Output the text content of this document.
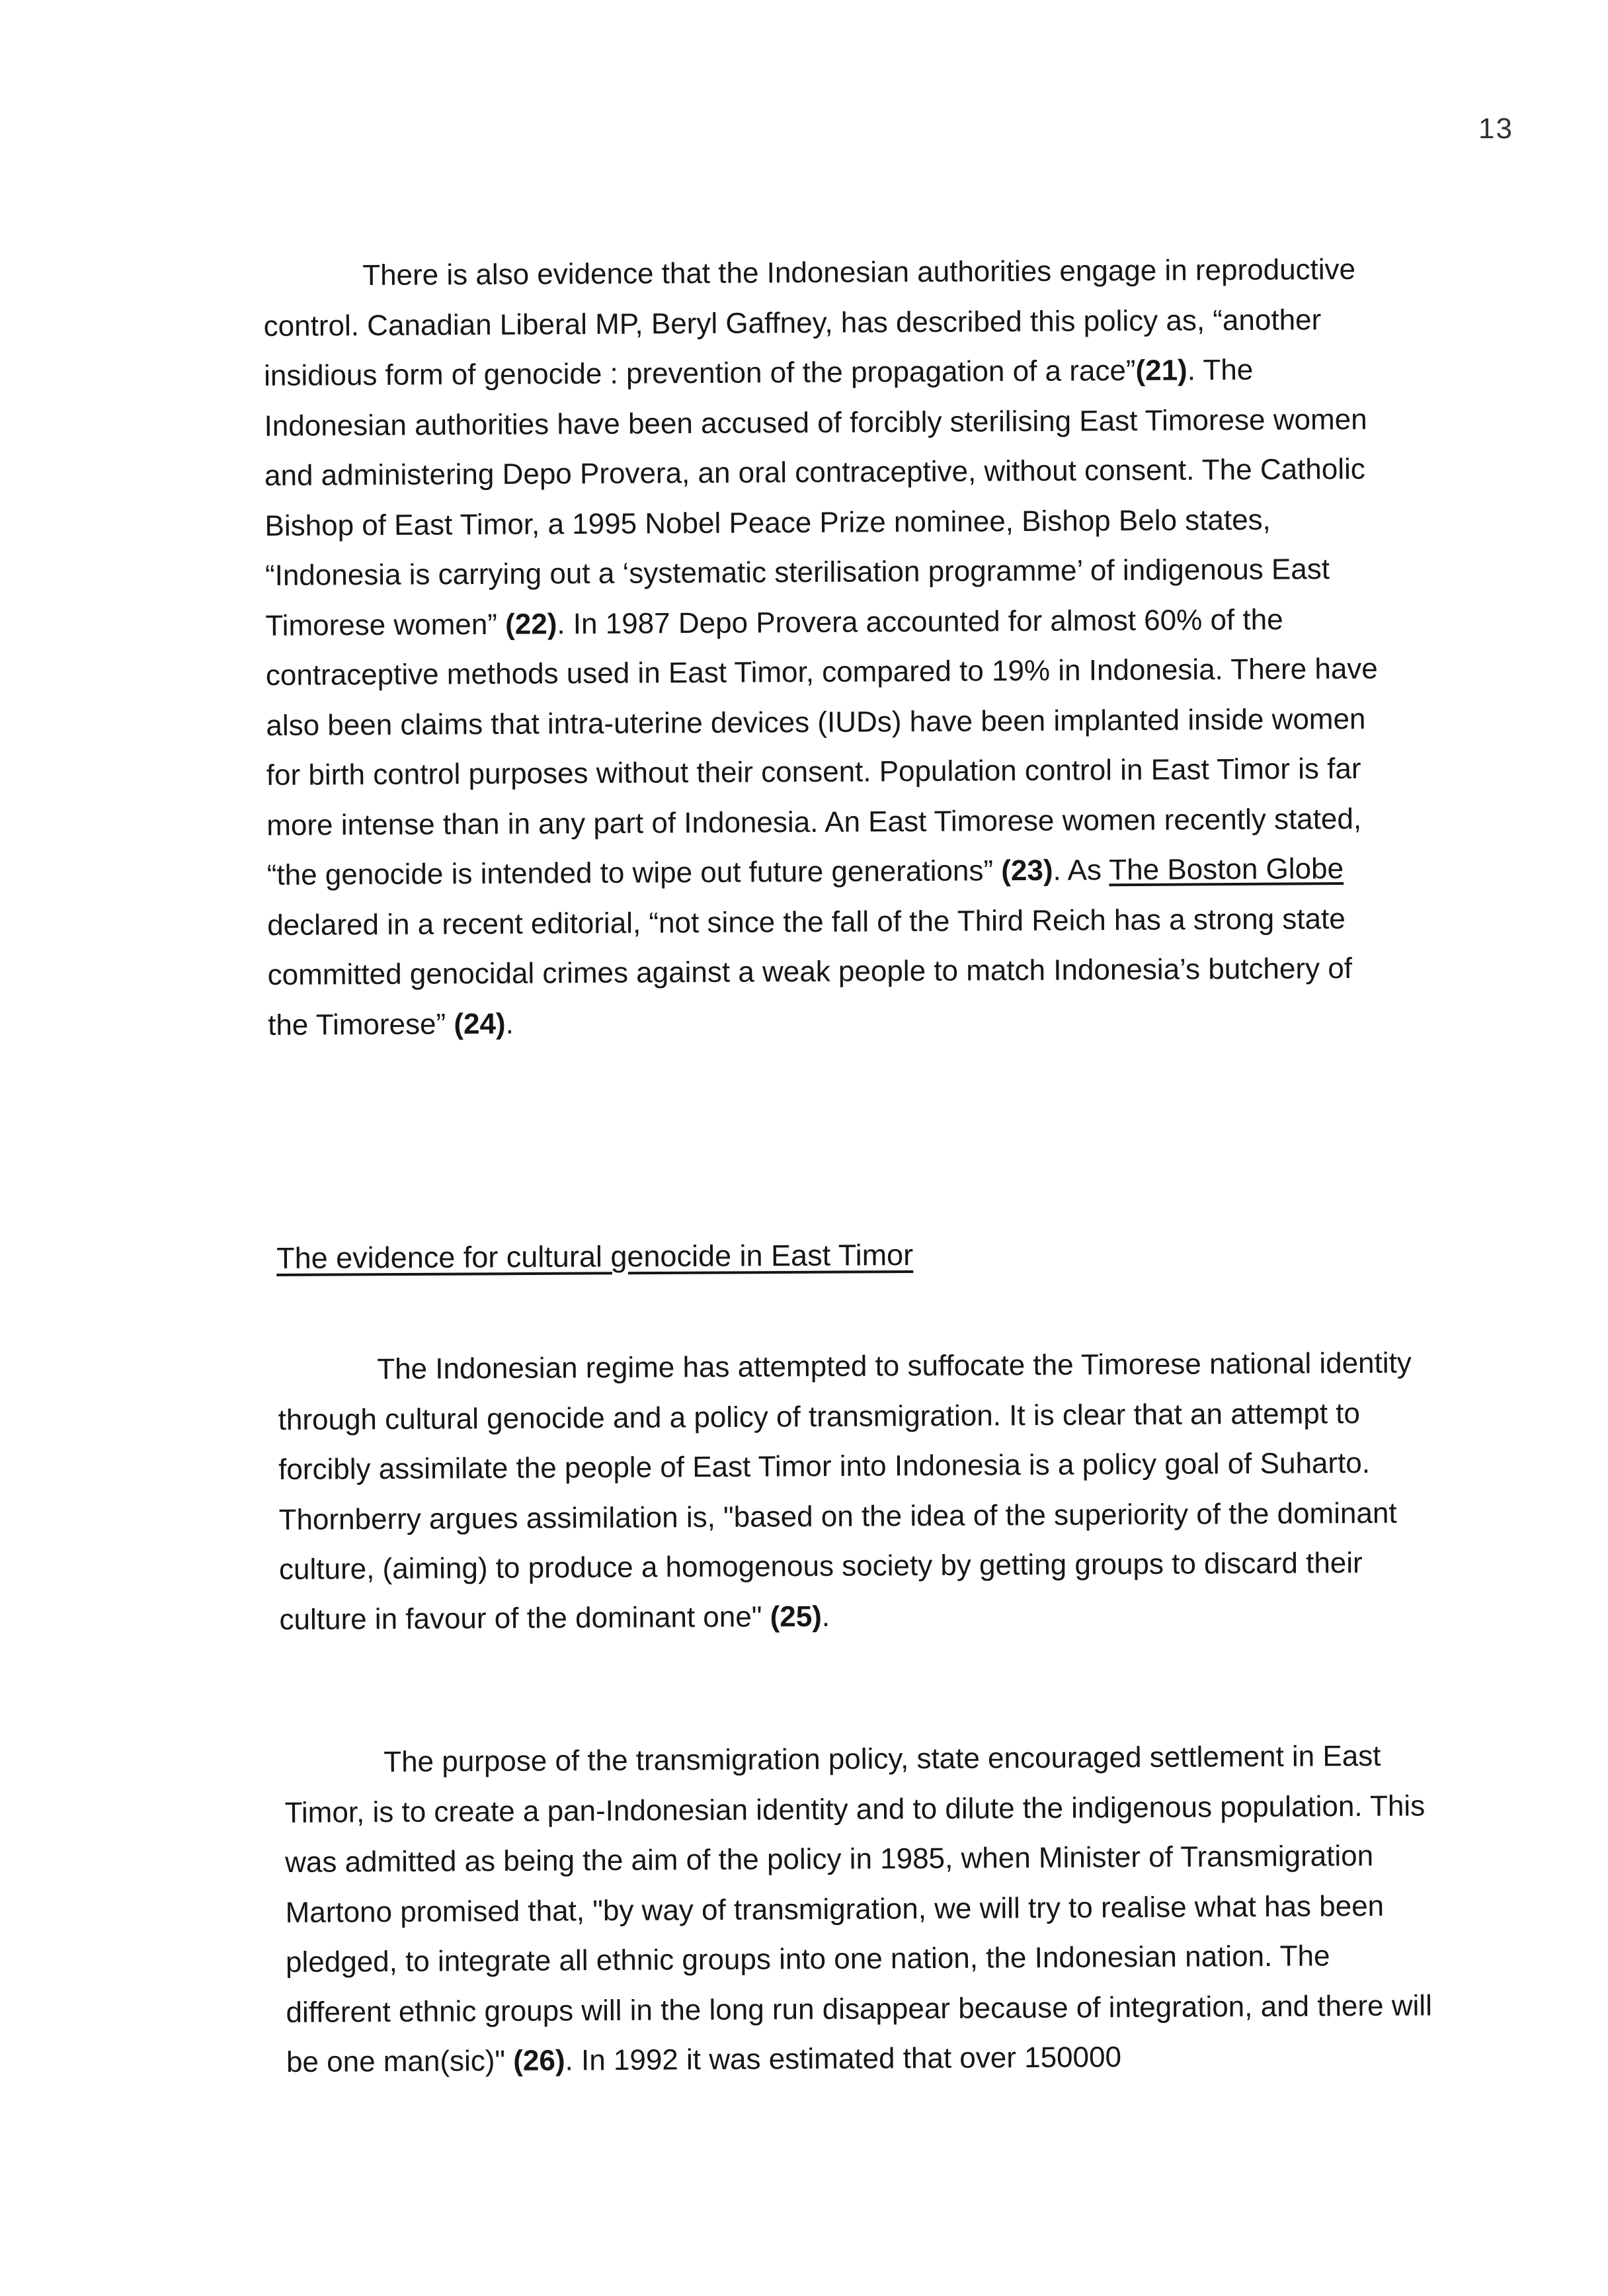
13

There is also evidence that the Indonesian authorities engage in reproductive control. Canadian Liberal MP, Beryl Gaffney, has described this policy as, “another insidious form of genocide : prevention of the propagation of a race”(21). The Indonesian authorities have been accused of forcibly sterilising East Timorese women and administering Depo Provera, an oral contraceptive, without consent. The Catholic Bishop of East Timor, a 1995 Nobel Peace Prize nominee, Bishop Belo states, “Indonesia is carrying out a ‘systematic sterilisation programme’ of indigenous East Timorese women” (22). In 1987 Depo Provera accounted for almost 60% of the contraceptive methods used in East Timor, compared to 19% in Indonesia. There have also been claims that intra-uterine devices (IUDs) have been implanted inside women for birth control purposes without their consent. Population control in East Timor is far more intense than in any part of Indonesia. An East Timorese women recently stated, “the genocide is intended to wipe out future generations” (23). As The Boston Globe declared in a recent editorial, “not since the fall of the Third Reich has a strong state committed genocidal crimes against a weak people to match Indonesia’s butchery of the Timorese” (24).

The evidence for cultural genocide in East Timor

The Indonesian regime has attempted to suffocate the Timorese national identity through cultural genocide and a policy of transmigration. It is clear that an attempt to forcibly assimilate the people of East Timor into Indonesia is a policy goal of Suharto. Thornberry argues assimilation is, "based on the idea of the superiority of the dominant culture, (aiming) to produce a homogenous society by getting groups to discard their culture in favour of the dominant one" (25).

The purpose of the transmigration policy, state encouraged settlement in East Timor, is to create a pan-Indonesian identity and to dilute the indigenous population. This was admitted as being the aim of the policy in 1985, when Minister of Transmigration Martono promised that, "by way of transmigration, we will try to realise what has been pledged, to integrate all ethnic groups into one nation, the Indonesian nation. The different ethnic groups will in the long run disappear because of integration, and there will be one man(sic)" (26). In 1992 it was estimated that over 150000
